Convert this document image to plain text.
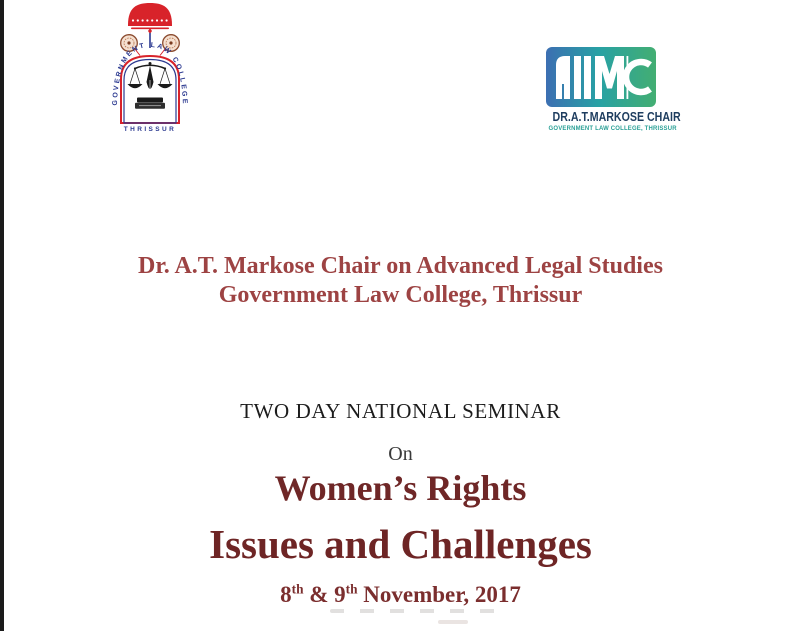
GOVERNMENT LAW COLLEGE
THRISSUR
DR.A.T.MARKOSE CHAIR
GOVERNMENT LAW COLLEGE, THRISSUR
Dr. A.T. Markose Chair on Advanced Legal Studies
Government Law College, Thrissur
TWO DAY NATIONAL SEMINAR
On
Women’s Rights
Issues and Challenges
8th & 9th November, 2017
